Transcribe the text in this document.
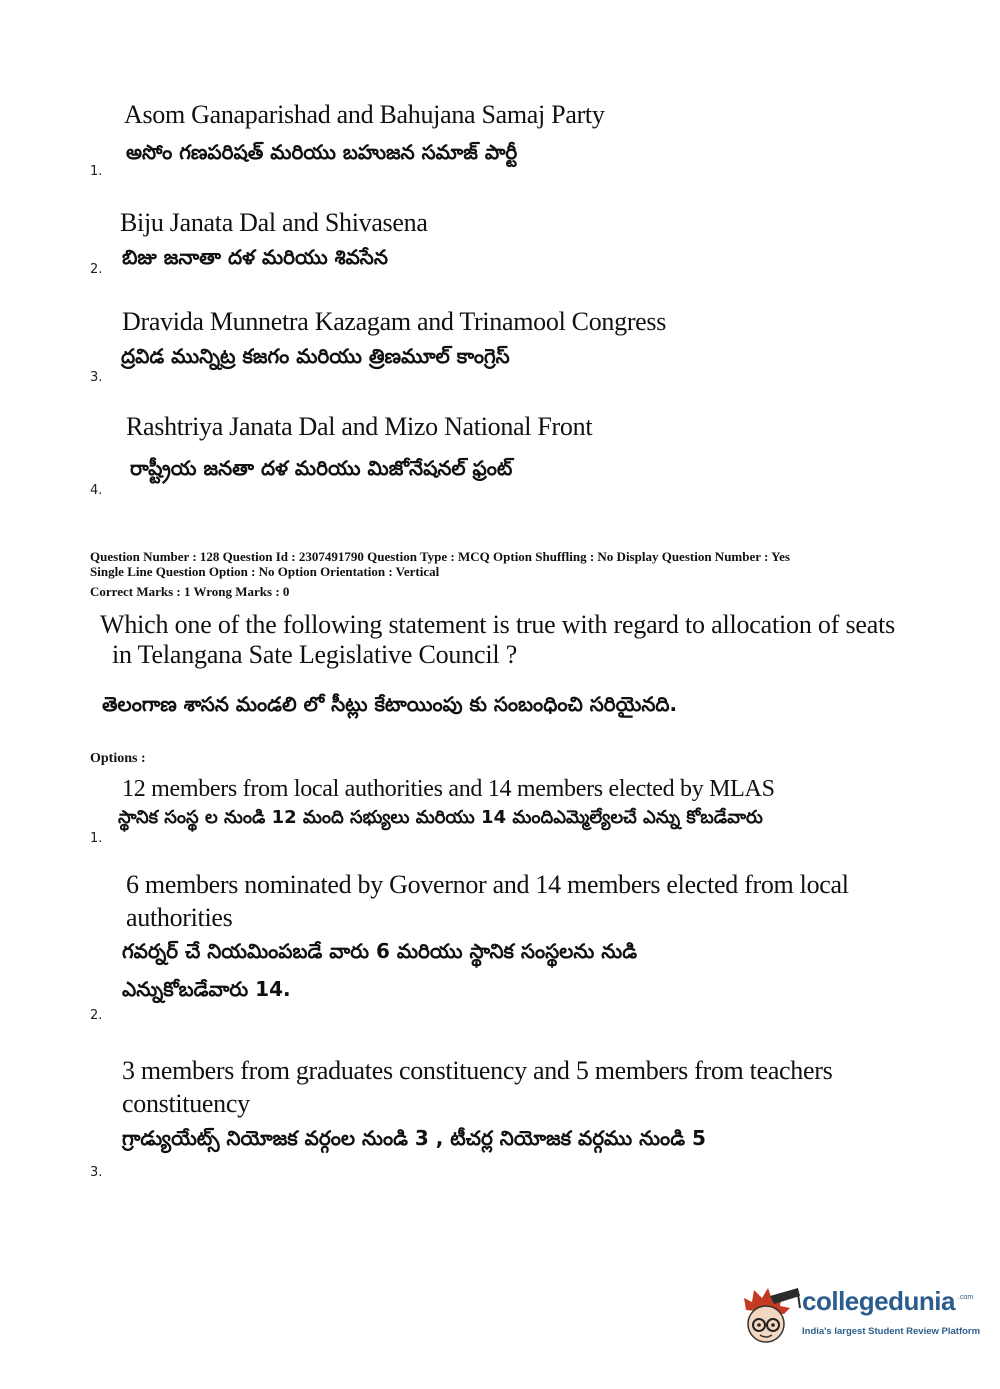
Asom Ganaparishad and Bahujana Samaj Party
అసోం గణపరిషత్ మరియు బహుజన సమాజ్ పార్టీ
1.
Biju Janata Dal and Shivasena
బిజు జనాతా దళ మరియు శివసేన
2.
Dravida Munnetra Kazagam and Trinamool Congress
ద్రవిడ మున్నిట్ర కజగం మరియు త్రిణమూల్ కాంగ్రెస్
3.
Rashtriya Janata Dal and Mizo National Front
రాష్ట్రీయ జనతా దళ మరియు మిజోనేషనల్ ఫ్రంట్
4.
Question Number : 128 Question Id : 2307491790 Question Type : MCQ Option Shuffling : No Display Question Number : Yes
Single Line Question Option : No Option Orientation : Vertical
Correct Marks : 1 Wrong Marks : 0
Which one of the following statement is true with regard to allocation of seats
in Telangana Sate Legislative Council ?
తెలంగాణ శాసన మండలి లో సీట్లు కేటాయింపు కు సంబంధించి సరియైనది.
Options :
12 members from local authorities and 14 members elected by MLAS
స్థానిక సంస్థ ల నుండి 12 మంది సభ్యులు మరియు 14 మందిఎమ్మెల్యేలచే ఎన్ను కోబడేవారు
1.
6 members nominated by Governor and 14 members elected from local
authorities
గవర్నర్ చే నియమింపబడే వారు 6 మరియు స్థానిక సంస్థలను నుడి
ఎన్నుకోబడేవారు 14.
2.
3 members from graduates constituency and 5 members from teachers
constituency
గ్రాడ్యుయేట్స్ నియోజక వర్గంల నుండి 3 , టీచర్ల నియోజక వర్గము నుండి 5
3.
collegedunia .com
India's largest Student Review Platform
